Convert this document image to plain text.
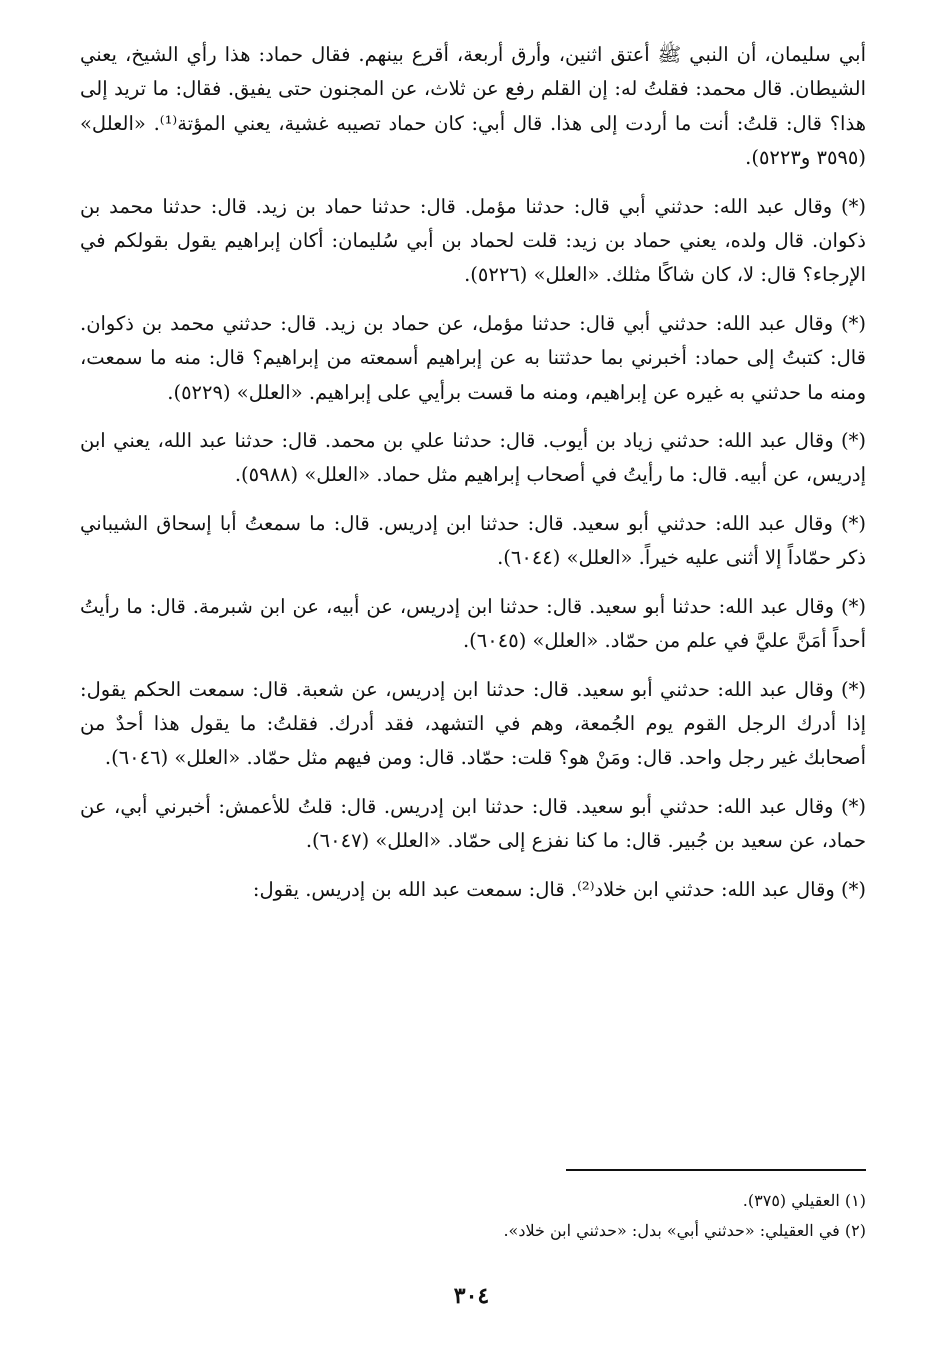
أبي سليمان، أن النبي ﷺ أعتق اثنين، وأرق أربعة، أقرع بينهم. فقال حماد: هذا رأي الشيخ، يعني الشيطان. قال محمد: فقلتُ له: إن القلم رفع عن ثلاث، عن المجنون حتى يفيق. فقال: ما تريد إلى هذا؟ قال: قلتُ: أنت ما أردت إلى هذا. قال أبي: كان حماد تصيبه غشية، يعني المؤتة⁽¹⁾. «العلل» (٣٥٩٥ و٥٢٢٣).

(*) وقال عبد الله: حدثني أبي قال: حدثنا مؤمل. قال: حدثنا حماد بن زيد. قال: حدثنا محمد بن ذكوان. قال ولده، يعني حماد بن زيد: قلت لحماد بن أبي سُليمان: أكان إبراهيم يقول بقولكم في الإرجاء؟ قال: لا، كان شاكًا مثلك. «العلل» (٥٢٢٦).

(*) وقال عبد الله: حدثني أبي قال: حدثنا مؤمل، عن حماد بن زيد. قال: حدثني محمد بن ذكوان. قال: كتبتُ إلى حماد: أخبرني بما حدثتنا به عن إبراهيم أسمعته من إبراهيم؟ قال: منه ما سمعت، ومنه ما حدثني به غيره عن إبراهيم، ومنه ما قست برأيي على إبراهيم. «العلل» (٥٢٢٩).

(*) وقال عبد الله: حدثني زياد بن أيوب. قال: حدثنا علي بن محمد. قال: حدثنا عبد الله، يعني ابن إدريس، عن أبيه. قال: ما رأيتُ في أصحاب إبراهيم مثل حماد. «العلل» (٥٩٨٨).

(*) وقال عبد الله: حدثني أبو سعيد. قال: حدثنا ابن إدريس. قال: ما سمعتُ أبا إسحاق الشيباني ذكر حمّاداً إلا أثنى عليه خيراً. «العلل» (٦٠٤٤).

(*) وقال عبد الله: حدثنا أبو سعيد. قال: حدثنا ابن إدريس، عن أبيه، عن ابن شبرمة. قال: ما رأيتُ أحداً أمَنَّ عليَّ في علم من حمّاد. «العلل» (٦٠٤٥).

(*) وقال عبد الله: حدثني أبو سعيد. قال: حدثنا ابن إدريس، عن شعبة. قال: سمعت الحكم يقول: إذا أدرك الرجل القوم يوم الجُمعة، وهم في التشهد، فقد أدرك. فقلتُ: ما يقول هذا أحدٌ من أصحابك غير رجل واحد. قال: ومَنْ هو؟ قلت: حمّاد. قال: ومن فيهم مثل حمّاد. «العلل» (٦٠٤٦).

(*) وقال عبد الله: حدثني أبو سعيد. قال: حدثنا ابن إدريس. قال: قلتُ للأعمش: أخبرني أبي، عن حماد، عن سعيد بن جُبير. قال: ما كنا نفزع إلى حمّاد. «العلل» (٦٠٤٧).

(*) وقال عبد الله: حدثني ابن خلاد⁽²⁾. قال: سمعت عبد الله بن إدريس. يقول:

(١) العقيلي (٣٧٥).

(٢) في العقيلي: «حدثني أبي» بدل: «حدثني ابن خلاد».

٣٠٤
